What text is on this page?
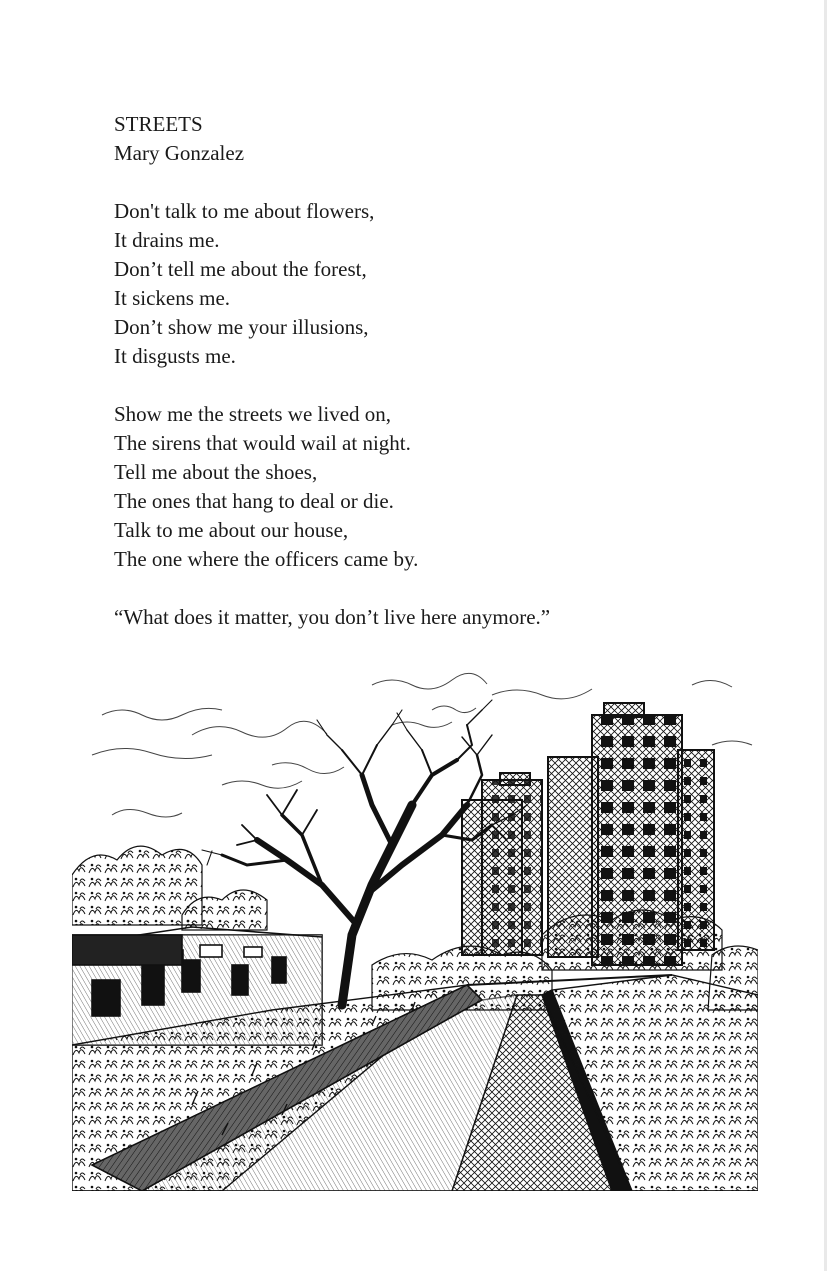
STREETS

Mary Gonzalez

Don't talk to me about flowers,

It drains me.

Don’t tell me about the forest,

It sickens me.

Don’t show me your illusions,

It disgusts me.

Show me the streets we lived on,

The sirens that would wail at night.

Tell me about the shoes,

The ones that hang to deal or die.

Talk to me about our house,

The one where the officers came by.

“What does it matter, you don’t live here anymore.”
